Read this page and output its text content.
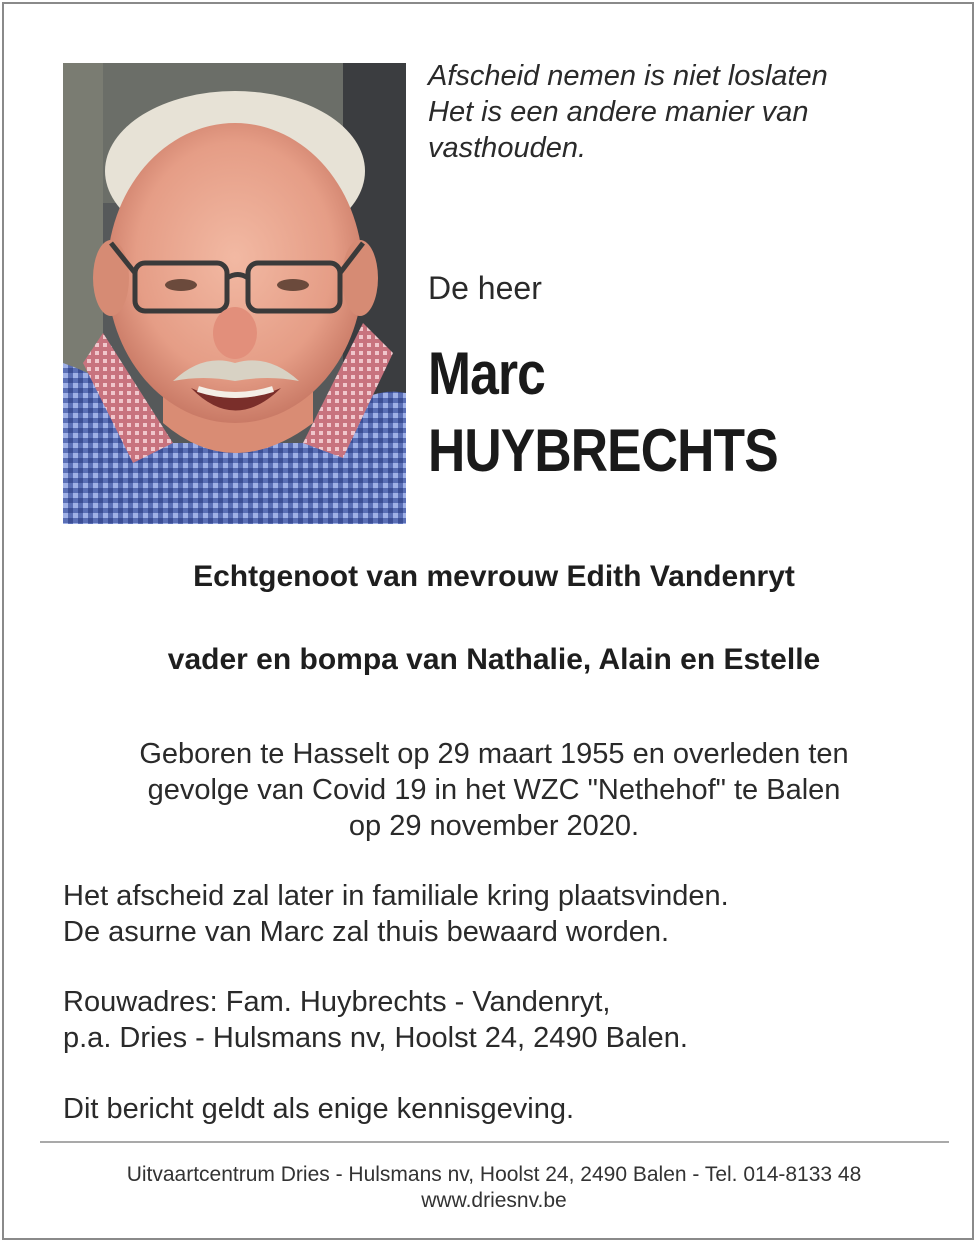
Afscheid nemen is niet loslaten
Het is een andere manier van
vasthouden.
De heer
Marc
HUYBRECHTS
Echtgenoot van mevrouw Edith Vandenryt
vader en bompa van Nathalie, Alain en Estelle
Geboren te Hasselt op 29 maart 1955 en overleden ten
gevolge van Covid 19 in het WZC "Nethehof" te Balen
op 29 november 2020.
Het afscheid zal later in familiale kring plaatsvinden.
De asurne van Marc zal thuis bewaard worden.
Rouwadres: Fam. Huybrechts - Vandenryt,
p.a. Dries - Hulsmans nv, Hoolst 24, 2490 Balen.
Dit bericht geldt als enige kennisgeving.
Uitvaartcentrum Dries - Hulsmans nv, Hoolst 24, 2490 Balen - Tel. 014-8133 48
www.driesnv.be
